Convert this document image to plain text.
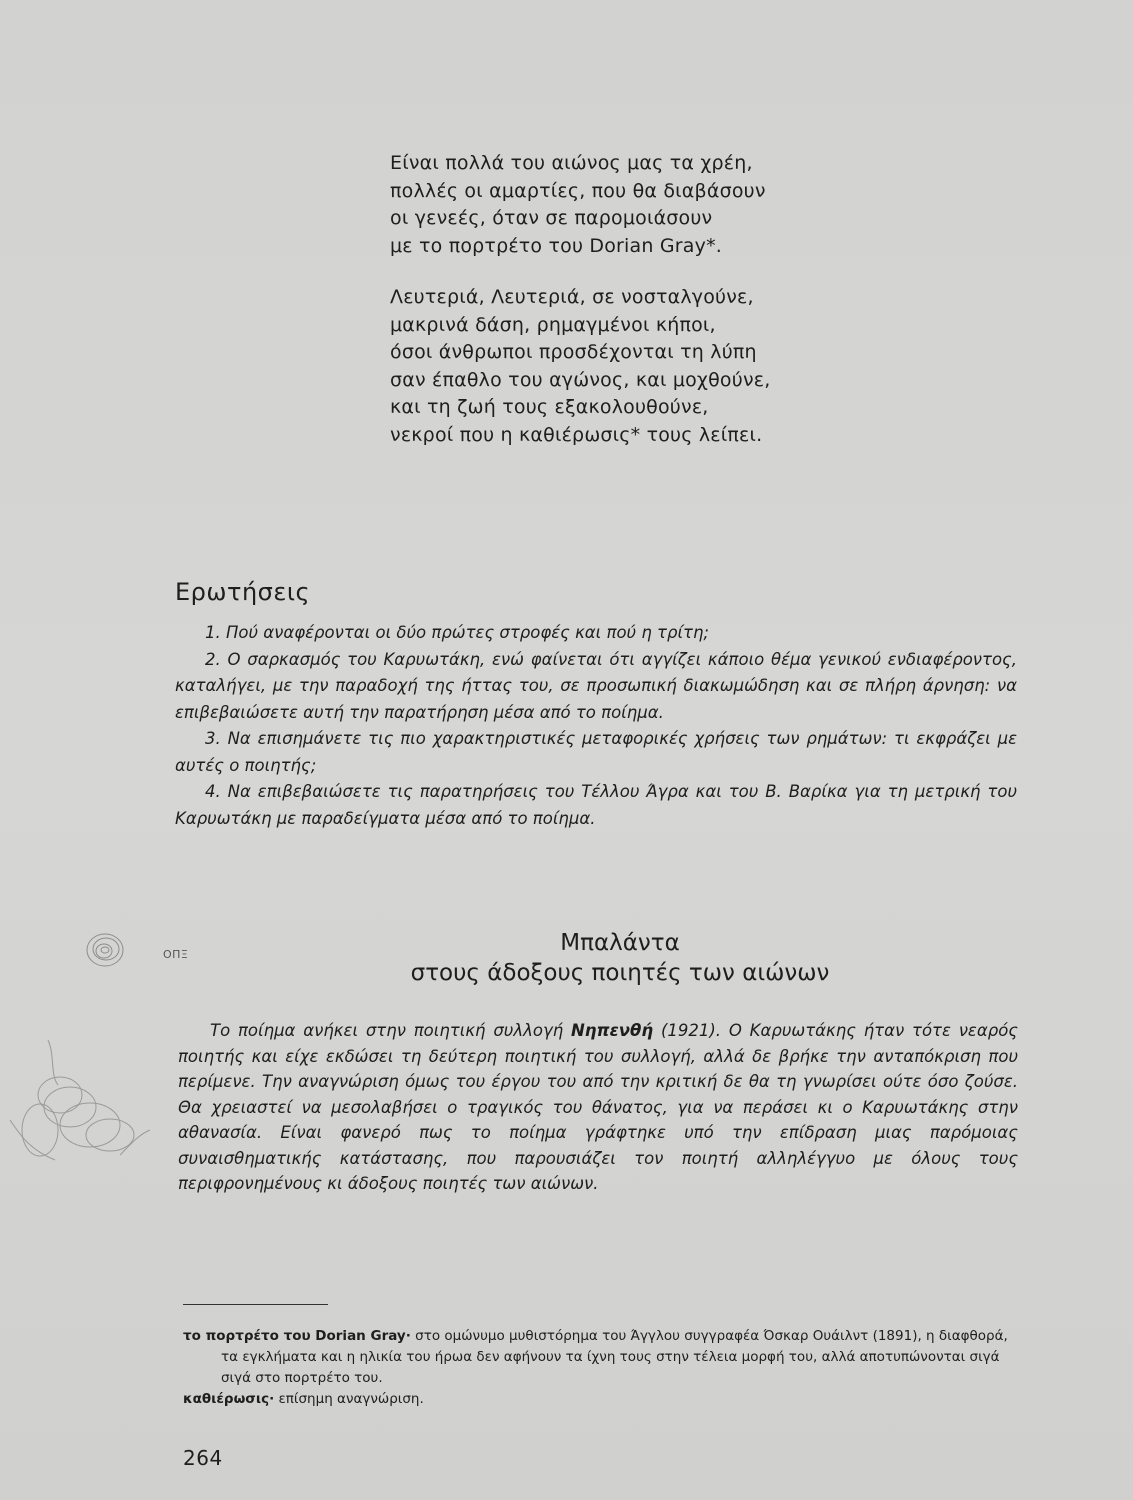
Είναι πολλά του αιώνος μας τα χρέη,
πολλές οι αμαρτίες, που θα διαβάσουν
οι γενεές, όταν σε παρομοιάσουν
με το πορτρέτο του Dorian Gray*.
Λευτεριά, Λευτεριά, σε νοσταλγούνε,
μακρινά δάση, ρημαγμένοι κήποι,
όσοι άνθρωποι προσδέχονται τη λύπη
σαν έπαθλο του αγώνος, και μοχθούνε,
και τη ζωή τους εξακολουθούνε,
νεκροί που η καθιέρωσις* τους λείπει.
Ερωτήσεις

1. Πού αναφέρονται οι δύο πρώτες στροφές και πού η τρίτη;

2. Ο σαρκασμός του Καρυωτάκη, ενώ φαίνεται ότι αγγίζει κάποιο θέμα γενικού ενδιαφέροντος, καταλήγει, με την παραδοχή της ήττας του, σε προσωπική διακωμώδηση και σε πλήρη άρνηση: να επιβεβαιώσετε αυτή την παρατήρηση μέσα από το ποίημα.

3. Να επισημάνετε τις πιο χαρακτηριστικές μεταφορικές χρήσεις των ρημάτων: τι εκφράζει με αυτές ο ποιητής;

4. Να επιβεβαιώσετε τις παρατηρήσεις του Τέλλου Άγρα και του Β. Βαρίκα για τη μετρική του Καρυωτάκη με παραδείγματα μέσα από το ποίημα.

ΟΠΞ	Μπαλάντα
στους άδοξους ποιητές των αιώνων

Το ποίημα ανήκει στην ποιητική συλλογή Νηπενθή (1921). Ο Καρυωτάκης ήταν τότε νεαρός ποιητής και είχε εκδώσει τη δεύτερη ποιητική του συλλογή, αλλά δε βρήκε την ανταπόκριση που περίμενε. Την αναγνώριση όμως του έργου του από την κριτική δε θα τη γνωρίσει ούτε όσο ζούσε. Θα χρειαστεί να μεσολαβήσει ο τραγικός του θάνατος, για να περάσει κι ο Καρυωτάκης στην αθανασία. Είναι φανερό πως το ποίημα γράφτηκε υπό την επίδραση μιας παρόμοιας συναισθηματικής κατάστασης, που παρουσιάζει τον ποιητή αλληλέγγυο με όλους τους περιφρονημένους κι άδοξους ποιητές των αιώνων.

το πορτρέτο του Dorian Gray· στο ομώνυμο μυθιστόρημα του Άγγλου συγγραφέα Όσκαρ Ουάιλντ (1891), η διαφθορά, τα εγκλήματα και η ηλικία του ήρωα δεν αφήνουν τα ίχνη τους στην τέλεια μορφή του, αλλά αποτυπώνονται σιγά σιγά στο πορτρέτο του.

καθιέρωσις· επίσημη αναγνώριση.

264
